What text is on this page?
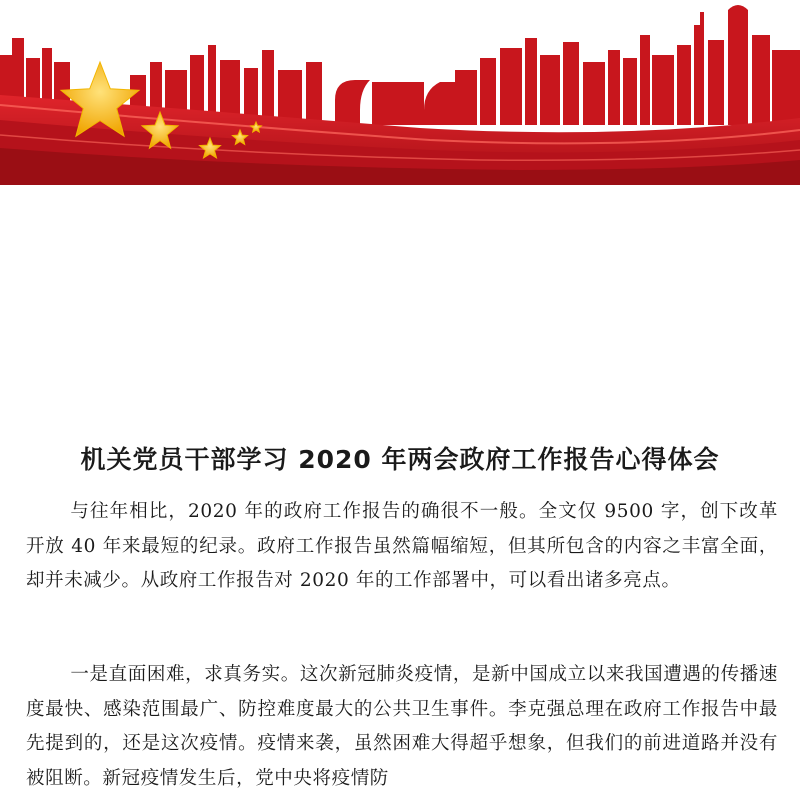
机关党员干部学习 2020 年两会政府工作报告心得体会

与往年相比，2020 年的政府工作报告的确很不一般。全文仅 9500 字，创下改革开放 40 年来最短的纪录。政府工作报告虽然篇幅缩短，但其所包含的内容之丰富全面，却并未减少。从政府工作报告对 2020 年的工作部署中，可以看出诸多亮点。

一是直面困难，求真务实。这次新冠肺炎疫情，是新中国成立以来我国遭遇的传播速度最快、感染范围最广、防控难度最大的公共卫生事件。李克强总理在政府工作报告中最先提到的，还是这次疫情。疫情来袭，虽然困难大得超乎想象，但我们的前进道路并没有被阻断。新冠疫情发生后，党中央将疫情防
